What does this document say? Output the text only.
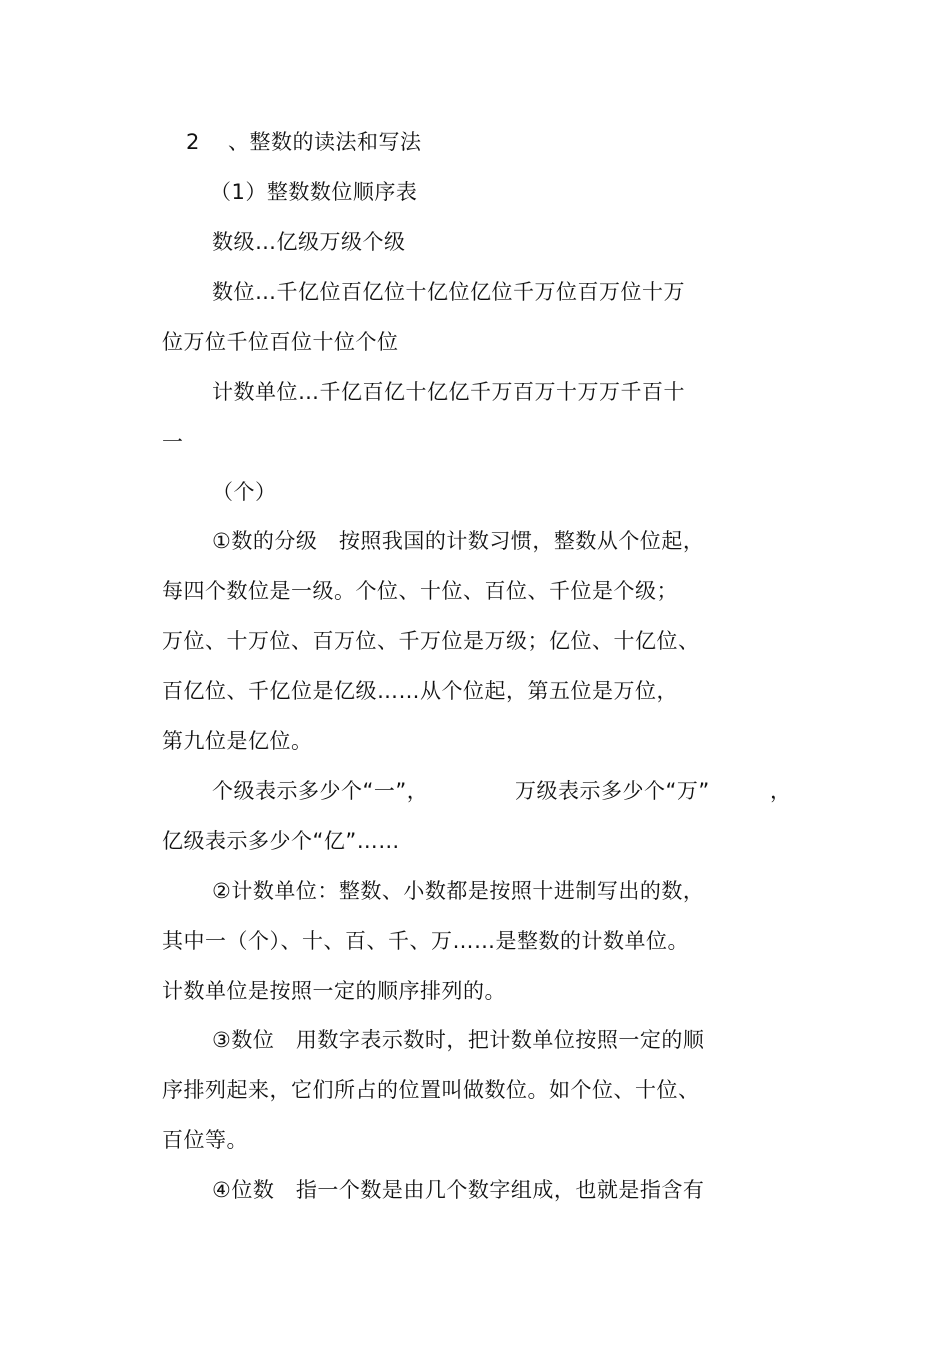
2 、整数的读法和写法
（1）整数数位顺序表
数级…亿级万级个级
数位…千亿位百亿位十亿位亿位千万位百万位十万
位万位千位百位十位个位
计数单位…千亿百亿十亿亿千万百万十万万千百十
一
（个）
①数的分级　按照我国的计数习惯，整数从个位起，
每四个数位是一级。个位、十位、百位、千位是个级；
万位、十万位、百万位、千万位是万级；亿位、十亿位、
百亿位、千亿位是亿级……从个位起，第五位是万位，
第九位是亿位。
个级表示多少个“一”，	万级表示多少个“万”	，
亿级表示多少个“亿”……
②计数单位：整数、小数都是按照十进制写出的数，
其中一（个）、十、百、千、万……是整数的计数单位。
计数单位是按照一定的顺序排列的。
③数位　用数字表示数时，把计数单位按照一定的顺
序排列起来，它们所占的位置叫做数位。如个位、十位、
百位等。
④位数　指一个数是由几个数字组成，也就是指含有
